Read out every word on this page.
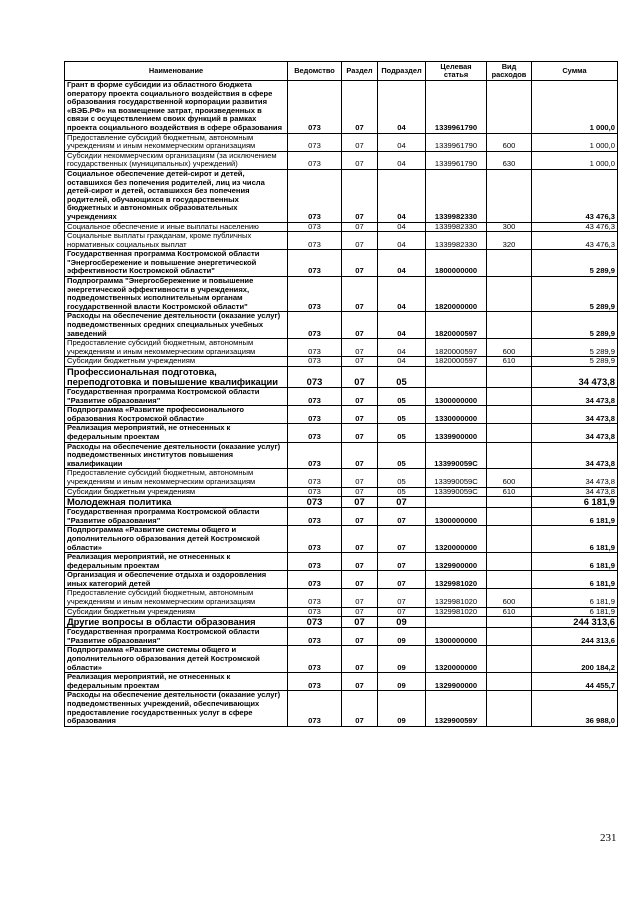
Наименование	Ведомство	Раздел	Подраздел	Целевая статья	Вид расходов	Сумма
Грант в форме субсидии из областного бюджета оператору проекта социального воздействия в сфере образования государственной корпорации развития «ВЭБ.РФ» на возмещение затрат, произведенных в связи с осуществлением своих функций в рамках проекта социального воздействия в сфере образования	073	07	04	1339961790		1 000,0
Предоставление субсидий бюджетным, автономным учреждениям и иным некоммерческим организациям	073	07	04	1339961790	600	1 000,0
Субсидии некоммерческим организациям (за исключением государственных (муниципальных) учреждений)	073	07	04	1339961790	630	1 000,0
Социальное обеспечение детей-сирот и детей, оставшихся без попечения родителей, лиц из числа детей-сирот и детей, оставшихся без попечения родителей, обучающихся в государственных бюджетных и автономных образовательных учреждениях	073	07	04	1339982330		43 476,3
Социальное обеспечение и иные выплаты населению	073	07	04	1339982330	300	43 476,3
Социальные выплаты гражданам, кроме публичных нормативных социальных выплат	073	07	04	1339982330	320	43 476,3
Государственная программа Костромской области "Энергосбережение и повышение энергетической эффективности Костромской области"	073	07	04	1800000000		5 289,9
Подпрограмма "Энергосбережение и повышение энергетической эффективности в учреждениях, подведомственных исполнительным органам государственной власти Костромской области"	073	07	04	1820000000		5 289,9
Расходы на обеспечение деятельности (оказание услуг) подведомственных средних специальных учебных заведений	073	07	04	1820000597		5 289,9
Предоставление субсидий бюджетным, автономным учреждениям и иным некоммерческим организациям	073	07	04	1820000597	600	5 289,9
Субсидии бюджетным учреждениям	073	07	04	1820000597	610	5 289,9
Профессиональная подготовка, переподготовка и повышение квалификации	073	07	05			34 473,8
Государственная программа Костромской области "Развитие образования"	073	07	05	1300000000		34 473,8
Подпрограмма «Развитие профессионального образования Костромской области»	073	07	05	1330000000		34 473,8
Реализация мероприятий, не отнесенных к федеральным проектам	073	07	05	1339900000		34 473,8
Расходы на обеспечение деятельности (оказание услуг) подведомственных институтов повышения квалификации	073	07	05	133990059С		34 473,8
Предоставление субсидий бюджетным, автономным учреждениям и иным некоммерческим организациям	073	07	05	133990059С	600	34 473,8
Субсидии бюджетным учреждениям	073	07	05	133990059С	610	34 473,8
Молодежная политика	073	07	07			6 181,9
Государственная программа Костромской области "Развитие образования"	073	07	07	1300000000		6 181,9
Подпрограмма «Развитие системы общего и дополнительного образования детей Костромской области»	073	07	07	1320000000		6 181,9
Реализация мероприятий, не отнесенных к федеральным проектам	073	07	07	1329900000		6 181,9
Организация и обеспечение отдыха и оздоровления иных категорий детей	073	07	07	1329981020		6 181,9
Предоставление субсидий бюджетным, автономным учреждениям и иным некоммерческим организациям	073	07	07	1329981020	600	6 181,9
Субсидии бюджетным учреждениям	073	07	07	1329981020	610	6 181,9
Другие вопросы в области образования	073	07	09			244 313,6
Государственная программа Костромской области "Развитие образования"	073	07	09	1300000000		244 313,6
Подпрограмма «Развитие системы общего и дополнительного образования детей Костромской области»	073	07	09	1320000000		200 184,2
Реализация мероприятий, не отнесенных к федеральным проектам	073	07	09	1329900000		44 455,7
Расходы на обеспечение деятельности (оказание услуг) подведомственных учреждений, обеспечивающих предоставление государственных услуг в сфере образования	073	07	09	132990059У		36 988,0
231
